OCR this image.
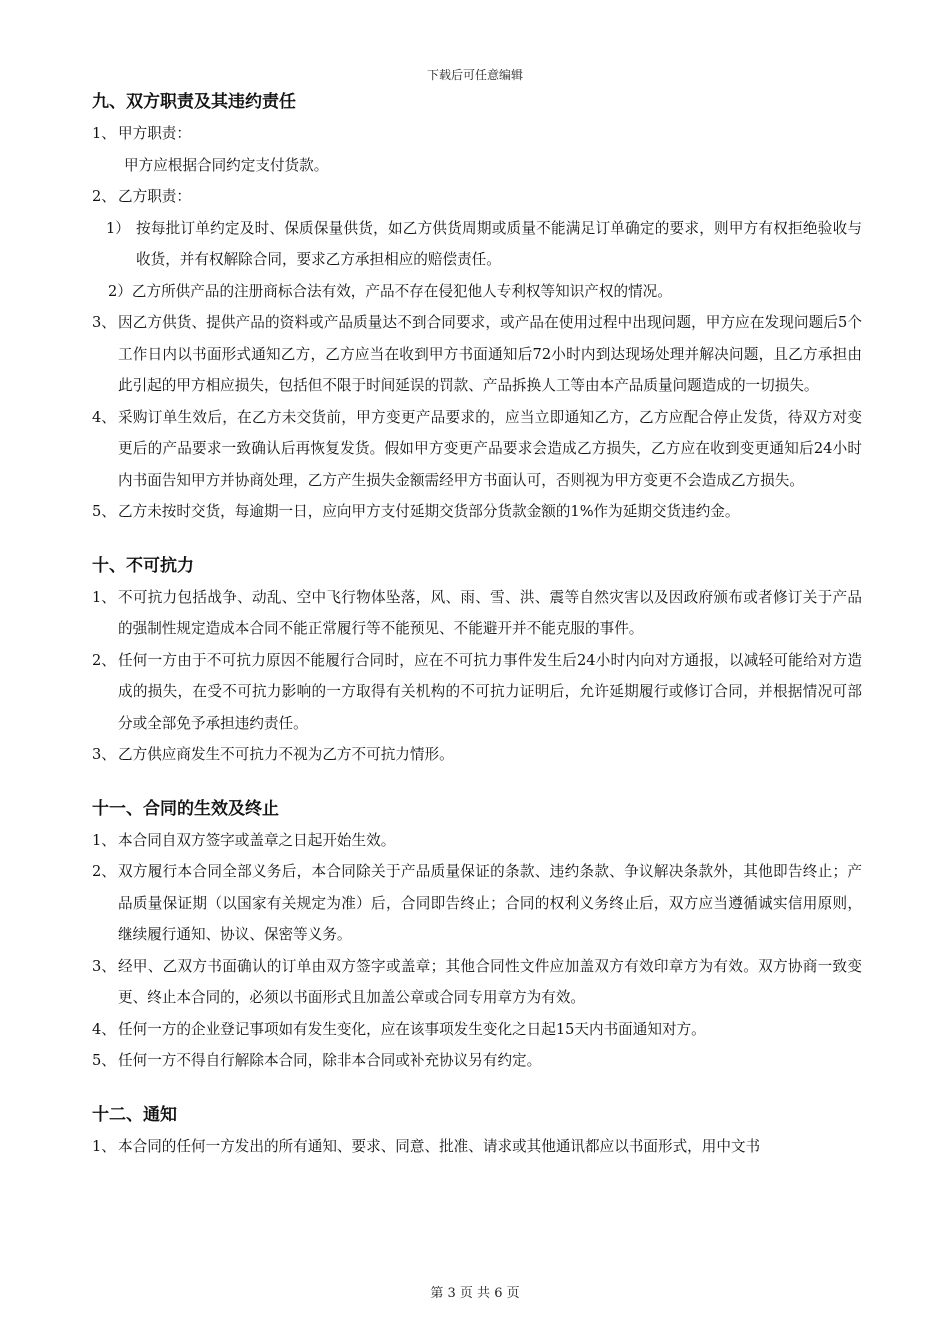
下载后可任意编辑
九、双方职责及其违约责任
1、 甲方职责：
甲方应根据合同约定支付货款。
2、 乙方职责：
1） 按每批订单约定及时、保质保量供货，如乙方供货周期或质量不能满足订单确定的要求，则甲方有权拒绝验收与收货，并有权解除合同，要求乙方承担相应的赔偿责任。
2）乙方所供产品的注册商标合法有效，产品不存在侵犯他人专利权等知识产权的情况。
3、 因乙方供货、提供产品的资料或产品质量达不到合同要求，或产品在使用过程中出现问题，甲方应在发现问题后5个工作日内以书面形式通知乙方，乙方应当在收到甲方书面通知后72小时内到达现场处理并解决问题，且乙方承担由此引起的甲方相应损失，包括但不限于时间延误的罚款、产品拆换人工等由本产品质量问题造成的一切损失。
4、 采购订单生效后，在乙方未交货前，甲方变更产品要求的，应当立即通知乙方，乙方应配合停止发货，待双方对变更后的产品要求一致确认后再恢复发货。假如甲方变更产品要求会造成乙方损失，乙方应在收到变更通知后24小时内书面告知甲方并协商处理，乙方产生损失金额需经甲方书面认可，否则视为甲方变更不会造成乙方损失。
5、 乙方未按时交货，每逾期一日，应向甲方支付延期交货部分货款金额的1%作为延期交货违约金。
十、不可抗力
1、 不可抗力包括战争、动乱、空中飞行物体坠落，风、雨、雪、洪、震等自然灾害以及因政府颁布或者修订关于产品的强制性规定造成本合同不能正常履行等不能预见、不能避开并不能克服的事件。
2、 任何一方由于不可抗力原因不能履行合同时，应在不可抗力事件发生后24小时内向对方通报，以减轻可能给对方造成的损失，在受不可抗力影响的一方取得有关机构的不可抗力证明后，允许延期履行或修订合同，并根据情况可部分或全部免予承担违约责任。
3、 乙方供应商发生不可抗力不视为乙方不可抗力情形。
十一、合同的生效及终止
1、 本合同自双方签字或盖章之日起开始生效。
2、 双方履行本合同全部义务后，本合同除关于产品质量保证的条款、违约条款、争议解决条款外，其他即告终止；产品质量保证期（以国家有关规定为准）后，合同即告终止；合同的权利义务终止后，双方应当遵循诚实信用原则，继续履行通知、协议、保密等义务。
3、 经甲、乙双方书面确认的订单由双方签字或盖章；其他合同性文件应加盖双方有效印章方为有效。双方协商一致变更、终止本合同的，必须以书面形式且加盖公章或合同专用章方为有效。
4、 任何一方的企业登记事项如有发生变化，应在该事项发生变化之日起15天内书面通知对方。
5、 任何一方不得自行解除本合同，除非本合同或补充协议另有约定。
十二、通知
1、 本合同的任何一方发出的所有通知、要求、同意、批准、请求或其他通讯都应以书面形式，用中文书
第 3 页 共 6 页
